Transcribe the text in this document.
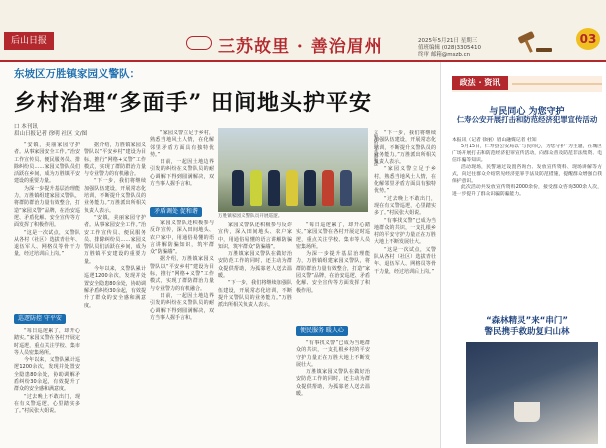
后山日报	三苏故里 · 善治眉州	2025年5月21日 星期三
值班编辑 (028)3305410
终审 邮箱@mszb.cn
03
东坡区万胜镇家园义警队：
乡村治理“多面手” 田间地头护平安
口 本刊讯
眉山日报记者 徐明 社区 文/图

“安镇，美丽家园守护者。从事家园安全工作。”治安工作宣传员、便民服务员、排除纠纷员……家园义警队员们活跃在乡间，成为万胜镇平安建设的重要力量。

为深一步提升基层治理能力，万胜镇组建家园义警队，将群防群治力量有效整合，打造“家园义警”品牌，在治安巡逻、矛盾化解、安全宣传等方面发挥了积极作用。

“这是一次试点，义警队从各村（社区）选拔青壮年、退伍军人、网格员等骨干力量，经过培训后上岗。”

巡逻防控 守平安

“每日巡逻累了，却开心踏实。”家园义警在各村开展定时巡逻，重点关注学校、集市等人员密集场所。

今年以来，义警队累计巡逻1200余次，发现并处置安全隐患80余处，协助调解矛盾纠纷30余起，有效提升了群众的安全感和满意度。

“过去晚上不敢出门，现在有义警巡逻，心里踏实多了。”村民张大姐说。

据介绍，万胜镇家园义警队以“平安乡村”建设为目标，推行“网格+义警”工作模式，实现了群防群治力量与专业警力的有机融合。

“下一步，我们将继续加强队伍建设，开展常态化培训，不断提升义警队员的业务能力。”万胜派出所相关负责人表示。

“安镇，美丽家园守护者。从事家园安全工作。”治安工作宣传员、便民服务员、排除纠纷员……家园义警队员们活跃在乡间，成为万胜镇平安建设的重要力量。

今年以来，义警队累计巡逻1200余次，发现并处置安全隐患80余处，协助调解矛盾纠纷30余起，有效提升了群众的安全感和满意度。

“家园义警立足于乡村，熟悉当地风土人情，在化解邻里矛盾方面具有独特优势。”

日前，一起因土地边界引发的纠纷在义警队员的耐心调解下得到圆满解决，双方当事人握手言和。

矛盾调处 促和谐

家园义警队还积极参与反诈宣传，深入田间地头、农户家中，用通俗易懂的语言讲解防骗知识，筑牢群众“防骗墙”。

据介绍，万胜镇家园义警队以“平安乡村”建设为目标，推行“网格+义警”工作模式，实现了群防群治力量与专业警力的有机融合。

日前，一起因土地边界引发的纠纷在义警队员的耐心调解下得到圆满解决，双方当事人握手言和。

义警队员开展巡逻
万胜镇家园义警队员开展巡逻。

家园义警队还积极参与反诈宣传，深入田间地头、农户家中，用通俗易懂的语言讲解防骗知识，筑牢群众“防骗墙”。

万胜镇家园义警队在做好治安防范工作的同时，还主动为群众提供帮助，为孤寡老人送去温暖。

“下一步，我们将继续加强队伍建设，开展常态化培训，不断提升义警队员的业务能力。”万胜派出所相关负责人表示。

“每日巡逻累了，却开心踏实。”家园义警在各村开展定时巡逻，重点关注学校、集市等人员密集场所。

为深一步提升基层治理能力，万胜镇组建家园义警队，将群防群治力量有效整合，打造“家园义警”品牌，在治安巡逻、矛盾化解、安全宣传等方面发挥了积极作用。

便民服务 暖人心

“有事找义警”已成为当地群众的共识，一支扎根乡村的平安守护力量正在万胜大地上不断发展壮大。

万胜镇家园义警队在做好治安防范工作的同时，还主动为群众提供帮助，为孤寡老人送去温暖。

“下一步，我们将继续加强队伍建设，开展常态化培训，不断提升义警队员的业务能力。”万胜派出所相关负责人表示。

“家园义警立足于乡村，熟悉当地风土人情，在化解邻里矛盾方面具有独特优势。”

“过去晚上不敢出门，现在有义警巡逻，心里踏实多了。”村民张大姐说。

“有事找义警”已成为当地群众的共识，一支扎根乡村的平安守护力量正在万胜大地上不断发展壮大。

“这是一次试点，义警队从各村（社区）选拔青壮年、退伍军人、网格员等骨干力量，经过培训后上岗。”

政法 · 资讯
与民同心 为您守护
仁寿公安开展打击和防范经济犯罪宣传活动
本报讯（记者 徐丽）眉山融媒记者 杜知

5月15日，仁寿县公安局以“与民同心，为您守护”为主题，在城区广场开展打击和防范经济犯罪宣传活动，向群众普及防范非法集资、电信诈骗等知识。

活动现场，民警通过设置咨询台、发放宣传资料、现场讲解等方式，向过往群众介绍常见经济犯罪手法及防范措施，提醒群众增强自我保护意识。

此次活动共发放宣传资料2000余份，接受群众咨询300余人次，进一步提升了群众识骗防骗能力。

“森林精灵”来“串门”
警民携手救助复归山林
